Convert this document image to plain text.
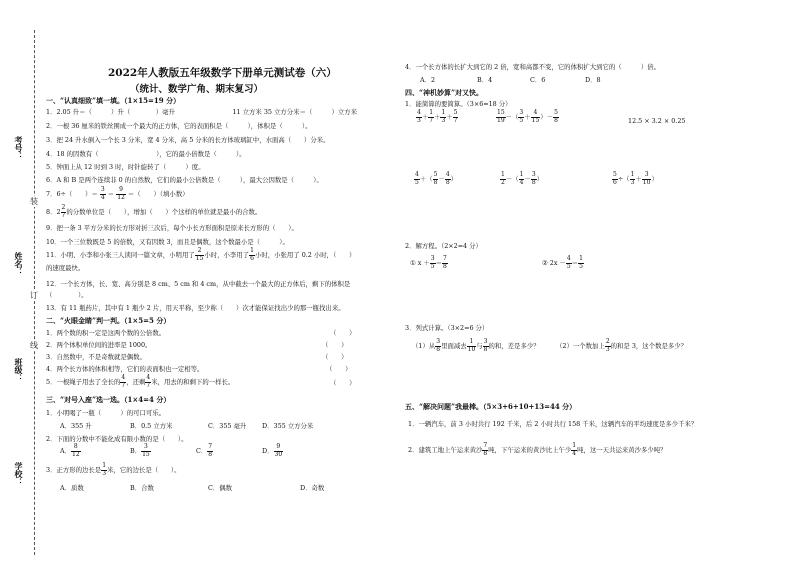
考号：
装
姓名：
订
班级：
线
学校：
2022年人教版五年级数学下册单元测试卷（六）
（统计、数学广角、期末复习）
一、“认真细致”填一填。（1×15=19 分）
1．2.05 升＝（　　　）升（　　　　）毫升　　　　　　　　　11 立方米 35 立方分米＝（　　　）立方米
2．一根 36 厘米的铁丝围成一个最大的正方体，它的表面积是（　　　），体积是（　　　）。
3．把 24 升水倒入一个长 3 分米，宽 4 分米，高 5 分米的长方体玻璃缸中，水面高（　　）分米。
4．18 的因数有（　　　　　　　　　），它的最小倍数是（　　　）。
5．钟面上从 12 时到 3 时，时针旋转了（　　　）度。
6．A 和 B 是两个连续非 0 的自然数，它们的最小公倍数是（　　　），最大公因数是（　　　）。
7．6÷（　　）＝ $\frac{3}{4} = \frac{9}{12}$ ＝（　　）（填小数）
8．$2 \frac{2}{7}$ 的分数单位是（　　），增加（　　）个这样的单位就是最小的合数。
9．把一条 3 平方分米的长方形对折三次后，每个小长方形面积是原来长方形的（　　）。
10．一个三位数既是 5 的倍数，又有因数 3，而且是偶数，这个数最小是（　　　）。
11．小明、小李和小张三人读同一篇文章，小明用了 $\frac{2}{15}$ 小时，小李用了 $\frac{1}{6}$ 小时，小张用了 0.2 小时，（　　）
的速度最快。
12．一个长方体，长、宽、高分别是 8 cm、5 cm 和 4 cm，从中截去一个最大的正方体后，剩下的体积是
（　　　　）。
13．有 11 瓶药片，其中有 1 瓶少 2 片，用天平称，至少称（　　）次才能保证找出少的那一瓶找出来。
二、“火眼金睛”判一判。（1×5=5 分）
1．两个数的积一定是这两个数的公倍数。	（　　）
2．两个体积单位间的进率是 1000。	（　　）
3．自然数中，不是奇数就是偶数。	（　　）
4．两个长方体的体积相等，它们的表面积也一定相等。	（　　）
5．一根绳子用去了全长的 $\frac{4}{7}$ ，还剩 $\frac{4}{7}$ 米，用去的和剩下的一样长。	（　　）
三、“对号入座”选一选。（1×4=4 分）
1．小明喝了一瓶（　　　）的可口可乐。
A．355 升	B．0.5 立方米	C．355 毫升 D．355 立方分米
2．下面的分数中不能化成有限小数的是（　　）。
A． $\frac{8}{12}$	B． $\frac{3}{15}$	C． $\frac{7}{8}$	D． $\frac{9}{30}$
3．正方形的边长是 $\frac{1}{3}$ 米，它的边长是（　　）。
A．质数	B．合数	C．偶数	D．奇数
4．一个长方体的长扩大到它的 2 倍，宽和高都不变，它的体积扩大到它的（　　　）倍。
A．2	B．4	C．6	D．8
四、“神机妙算”对又快。
1．能简算的要简算。（3×6=18 分）
$\frac{4}{3} + \frac{1}{7} + \frac{1}{3} + \frac{5}{7}$	$\frac{15}{19}$ －（ $\frac{3}{5} + \frac{4}{15}$ ）－ $\frac{5}{8}$	12.5 × 3.2 × 0.25
$\frac{4}{5}$ ＋（ $\frac{5}{8} - \frac{4}{8}$ ）	$\frac{1}{2}$ －（ $\frac{1}{4} - \frac{3}{8}$ ）	$\frac{5}{6}$ ÷（ $\frac{1}{3} + \frac{3}{10}$ ）
2．解方程。（2×2=4 分）
① $x + \frac{3}{5} = \frac{7}{8}$	② $2x - \frac{4}{5} = \frac{1}{5}$
3．列式计算。（3×2=6 分）
（1）从 $\frac{3}{8}$ 里面减去 $\frac{1}{10}$ 与 $\frac{3}{8}$ 的和，差是多少？	（2）一个数加上 $\frac{2}{3}$ 的和是 3，这个数是多少？
五、“解决问题”我最棒。（5×3+6+10+13=44 分）
1．一辆汽车，前 3 小时共行 192 千米，后 2 小时共行 158 千米，这辆汽车的平均速度是多少千米？
2．建筑工地上午运来黄沙 $\frac{7}{8}$ 吨，下午运来的黄沙比上午少 $\frac{1}{4}$ 吨，这一天共运来黄沙多少吨？
